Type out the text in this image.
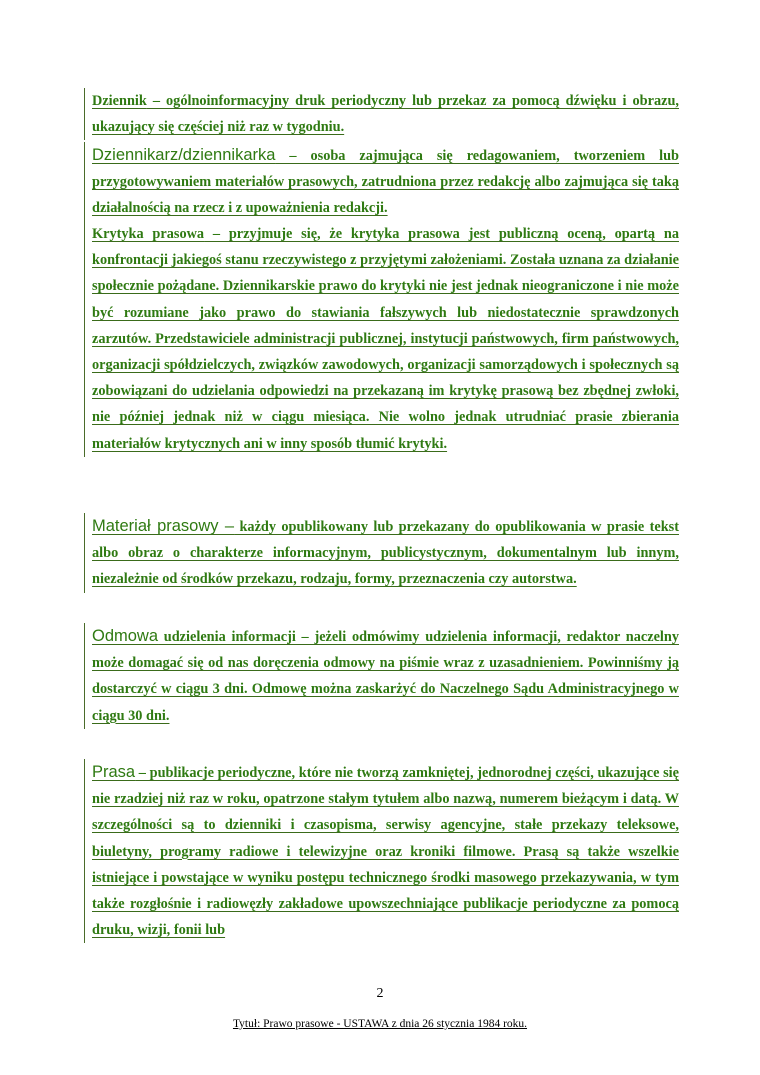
Dziennik – ogólnoinformacyjny druk periodyczny lub przekaz za pomocą dźwięku i obrazu, ukazujący się częściej niż raz w tygodniu.

Dziennikarz/dziennikarka – osoba zajmująca się redagowaniem, tworzeniem lub przygotowywaniem materiałów prasowych, zatrudniona przez redakcję albo zajmująca się taką działalnością na rzecz i z upoważnienia redakcji.

Krytyka prasowa – przyjmuje się, że krytyka prasowa jest publiczną oceną, opartą na konfrontacji jakiegoś stanu rzeczywistego z przyjętymi założeniami. Została uznana za działanie społecznie pożądane. Dziennikarskie prawo do krytyki nie jest jednak nieograniczone i nie może być rozumiane jako prawo do stawiania fałszywych lub niedostatecznie sprawdzonych zarzutów. Przedstawiciele administracji publicznej, instytucji państwowych, firm państwowych, organizacji spółdzielczych, związków zawodowych, organizacji samorządowych i społecznych są zobowiązani do udzielania odpowiedzi na przekazaną im krytykę prasową bez zbędnej zwłoki, nie później jednak niż w ciągu miesiąca. Nie wolno jednak utrudniać prasie zbierania materiałów krytycznych ani w inny sposób tłumić krytyki.

Materiał prasowy – każdy opublikowany lub przekazany do opublikowania w prasie tekst albo obraz o charakterze informacyjnym, publicystycznym, dokumentalnym lub innym, niezależnie od środków przekazu, rodzaju, formy, przeznaczenia czy autorstwa.

Odmowa udzielenia informacji – jeżeli odmówimy udzielenia informacji, redaktor naczelny może domagać się od nas doręczenia odmowy na piśmie wraz z uzasadnieniem. Powinniśmy ją dostarczyć w ciągu 3 dni. Odmowę można zaskarżyć do Naczelnego Sądu Administracyjnego w ciągu 30 dni.

Prasa – publikacje periodyczne, które nie tworzą zamkniętej, jednorodnej części, ukazujące się nie rzadziej niż raz w roku, opatrzone stałym tytułem albo nazwą, numerem bieżącym i datą. W szczególności są to dzienniki i czasopisma, serwisy agencyjne, stałe przekazy teleksowe, biuletyny, programy radiowe i telewizyjne oraz kroniki filmowe. Prasą są także wszelkie istniejące i powstające w wyniku postępu technicznego środki masowego przekazywania, w tym także rozgłośnie i radiowęzły zakładowe upowszechniające publikacje periodyczne za pomocą druku, wizji, fonii lub

2
Tytuł: Prawo prasowe - USTAWA z dnia 26 stycznia 1984 roku.
